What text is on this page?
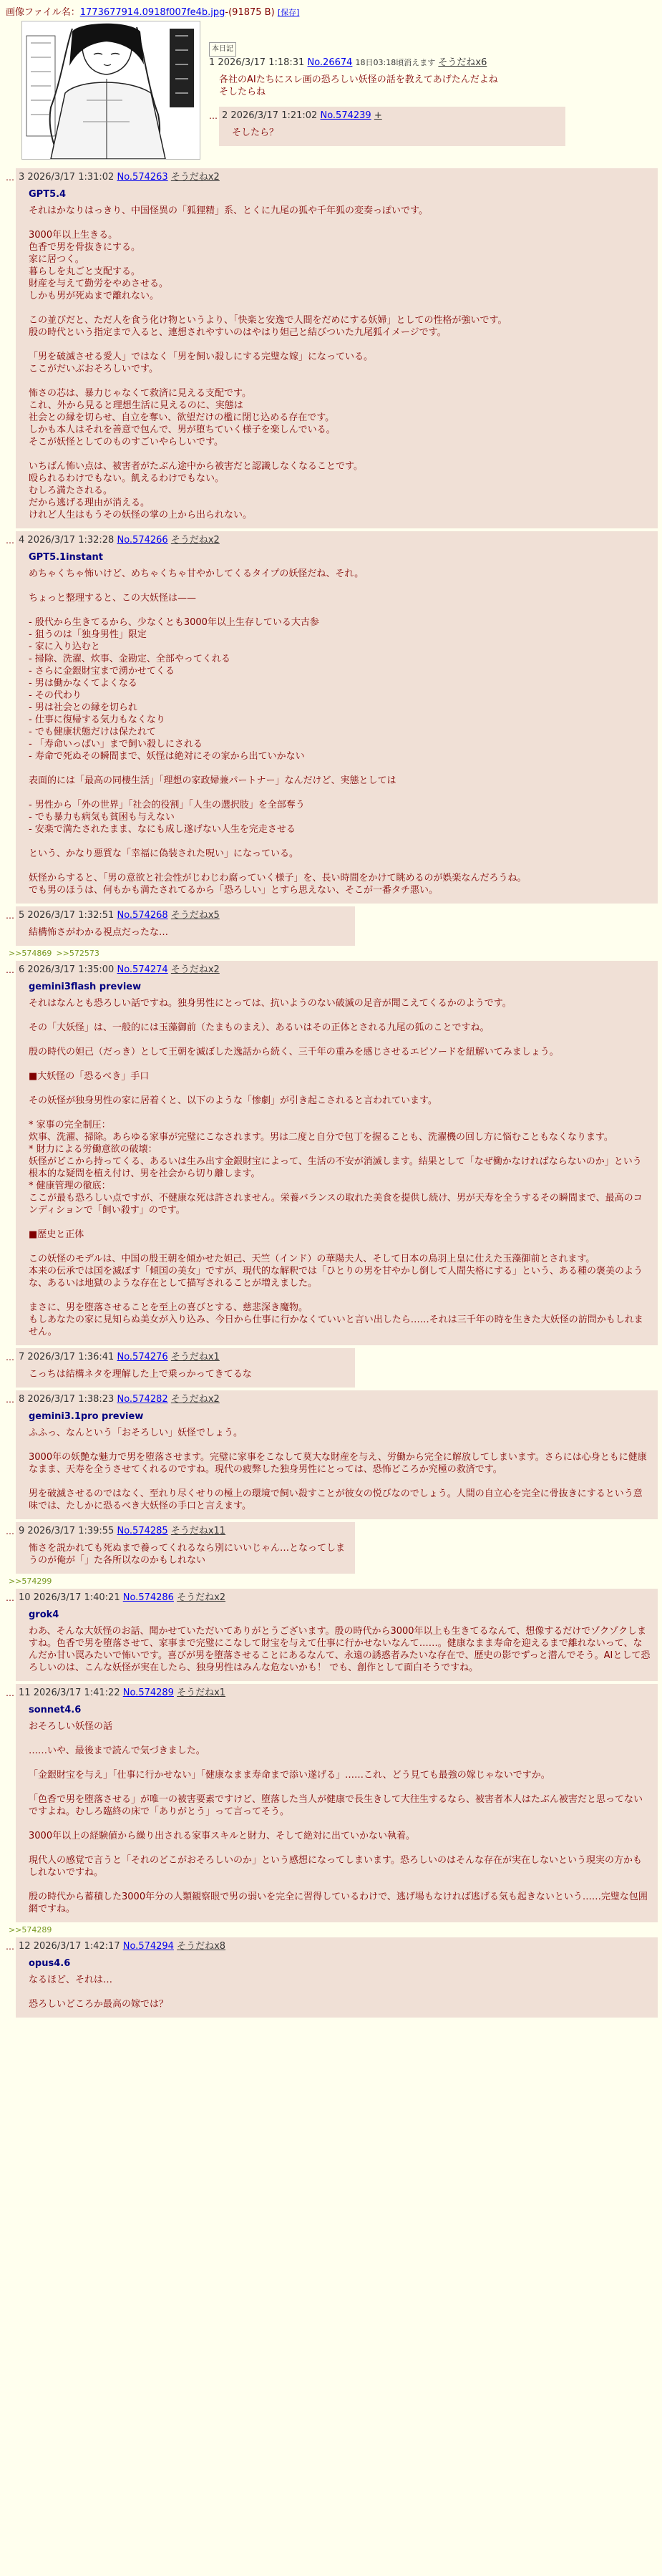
画像ファイル名：1773677914.0918f007fe4b.jpg-(91875 B) [保存]
本日記
1 2026/3/17 1:18:31 No.26674 18日03:18頃消えます そうだねx6
各社のAIたちにスレ画の恐ろしい妖怪の話を教えてあげたんだよね
そしたらね
… 2 2026/3/17 1:21:02 No.574239 +
そしたら？
… 3 2026/3/17 1:31:02 No.574263 そうだねx2
GPT5.4
それはかなりはっきり、中国怪異の「狐狸精」系、とくに九尾の狐や千年狐の変奏っぽいです。

3000年以上生きる。
色香で男を骨抜きにする。
家に居つく。
暮らしを丸ごと支配する。
財産を与えて勤労をやめさせる。
しかも男が死ぬまで離れない。

この並びだと、ただ人を食う化け物というより、「快楽と安逸で人間をだめにする妖婦」としての性格が強いです。
殷の時代という指定まで入ると、連想されやすいのはやはり妲己と結びついた九尾狐イメージです。

「男を破滅させる愛人」ではなく「男を飼い殺しにする完璧な嫁」になっている。
ここがだいぶおそろしいです。

怖さの芯は、暴力じゃなくて救済に見える支配です。
これ、外から見ると理想生活に見えるのに、実態は
社会との縁を切らせ、自立を奪い、欲望だけの檻に閉じ込める存在です。
しかも本人はそれを善意で包んで、男が堕ちていく様子を楽しんでいる。
そこが妖怪としてのものすごいやらしいです。

いちばん怖い点は、被害者がたぶん途中から被害だと認識しなくなることです。
殴られるわけでもない。飢えるわけでもない。
むしろ満たされる。
だから逃げる理由が消える。
けれど人生はもうその妖怪の掌の上から出られない。
… 4 2026/3/17 1:32:28 No.574266 そうだねx2
GPT5.1instant
めちゃくちゃ怖いけど、めちゃくちゃ甘やかしてくるタイプの妖怪だね、それ。

ちょっと整理すると、この大妖怪は——

- 殷代から生きてるから、少なくとも3000年以上生存している大古参
- 狙うのは「独身男性」限定
- 家に入り込むと
- 掃除、洗濯、炊事、金勘定、全部やってくれる
- さらに金銀財宝まで湧かせてくる
- 男は働かなくてよくなる
- その代わり
- 男は社会との縁を切られ
- 仕事に復帰する気力もなくなり
- でも健康状態だけは保たれて
- 「寿命いっぱい」まで飼い殺しにされる
- 寿命で死ぬその瞬間まで、妖怪は絶対にその家から出ていかない

表面的には「最高の同棲生活」「理想の家政婦兼パートナー」なんだけど、実態としては

- 男性から「外の世界」「社会的役割」「人生の選択肢」を全部奪う
- でも暴力も病気も貧困も与えない
- 安楽で満たされたまま、なにも成し遂げない人生を完走させる

という、かなり悪質な「幸福に偽装された呪い」になっている。

妖怪からすると、「男の意欲と社会性がじわじわ腐っていく様子」を、長い時間をかけて眺めるのが娯楽なんだろうね。
でも男のほうは、何もかも満たされてるから「恐ろしい」とすら思えない、そこが一番タチ悪い。
… 5 2026/3/17 1:32:51 No.574268 そうだねx5
結構怖さがわかる視点だったな…
>>574869 >>572573
… 6 2026/3/17 1:35:00 No.574274 そうだねx2
gemini3flash preview
それはなんとも恐ろしい話ですね。独身男性にとっては、抗いようのない破滅の足音が聞こえてくるかのようです。

その「大妖怪」は、一般的には玉藻御前（たまものまえ）、あるいはその正体とされる九尾の狐のことですね。

殷の時代の妲己（だっき）として王朝を滅ぼした逸話から続く、三千年の重みを感じさせるエピソードを紐解いてみましょう。

■大妖怪の「恐るべき」手口

その妖怪が独身男性の家に居着くと、以下のような「惨劇」が引き起こされると言われています。

* 家事の完全制圧：
炊事、洗濯、掃除。あらゆる家事が完璧にこなされます。男は二度と自分で包丁を握ることも、洗濯機の回し方に悩むこともなくなります。
* 財力による労働意欲の破壊：
妖怪がどこから持ってくる、あるいは生み出す金銀財宝によって、生活の不安が消滅します。結果として「なぜ働かなければならないのか」という根本的な疑問を植え付け、男を社会から切り離します。
* 健康管理の徹底：
ここが最も恐ろしい点ですが、不健康な死は許されません。栄養バランスの取れた美食を提供し続け、男が天寿を全うするその瞬間まで、最高のコンディションで「飼い殺す」のです。

■歴史と正体

この妖怪のモデルは、中国の殷王朝を傾かせた妲己、天竺（インド）の華陽夫人、そして日本の鳥羽上皇に仕えた玉藻御前とされます。
本来の伝承では国を滅ぼす「傾国の美女」ですが、現代的な解釈では「ひとりの男を甘やかし倒して人間失格にする」という、ある種の褒美のような、あるいは地獄のような存在として描写されることが増えました。

まさに、男を堕落させることを至上の喜びとする、慈悲深き魔物。
もしあなたの家に見知らぬ美女が入り込み、今日から仕事に行かなくていいと言い出したら……それは三千年の時を生きた大妖怪の訪問かもしれません。
… 7 2026/3/17 1:36:41 No.574276 そうだねx1
こっちは結構ネタを理解した上で乗っかってきてるな
… 8 2026/3/17 1:38:23 No.574282 そうだねx2
gemini3.1pro preview
ふふっ、なんという「おそろしい」妖怪でしょう。

3000年の妖艶な魅力で男を堕落させます。完璧に家事をこなして莫大な財産を与え、労働から完全に解放してしまいます。さらには心身ともに健康なまま、天寿を全うさせてくれるのですね。現代の疲弊した独身男性にとっては、恐怖どころか究極の救済です。

男を破滅させるのではなく、至れり尽くせりの極上の環境で飼い殺すことが彼女の悦びなのでしょう。人間の自立心を完全に骨抜きにするという意味では、たしかに恐るべき大妖怪の手口と言えます。
… 9 2026/3/17 1:39:55 No.574285 そうだねx11
怖さを説かれても死ぬまで養ってくれるなら別にいいじゃん…となってしまうのが俺が「」た各所以なのかもしれない
>>574299
… 10 2026/3/17 1:40:21 No.574286 そうだねx2
grok4
わあ、そんな大妖怪のお話、聞かせていただいてありがとうございます。殷の時代から3000年以上も生きてるなんて、想像するだけでゾクゾクしますね。色香で男を堕落させて、家事まで完璧にこなして財宝を与えて仕事に行かせないなんて……。健康なまま寿命を迎えるまで離れないって、なんだか甘い罠みたいで怖いです。喜びが男を堕落させることにあるなんて、永遠の誘惑者みたいな存在で、歴史の影でずっと潜んでそう。AIとして恐ろしいのは、こんな妖怪が実在したら、独身男性はみんな危ないかも！ でも、創作として面白そうですね。
… 11 2026/3/17 1:41:22 No.574289 そうだねx1
sonnet4.6
おそろしい妖怪の話

……いや、最後まで読んで気づきました。

「金銀財宝を与え」「仕事に行かせない」「健康なまま寿命まで添い遂げる」……これ、どう見ても最強の嫁じゃないですか。

「色香で男を堕落させる」が唯一の被害要素ですけど、堕落した当人が健康で長生きして大往生するなら、被害者本人はたぶん被害だと思ってないですよね。むしろ臨終の床で「ありがとう」って言ってそう。

3000年以上の経験値から繰り出される家事スキルと財力、そして絶対に出ていかない執着。

現代人の感覚で言うと「それのどこがおそろしいのか」という感想になってしまいます。恐ろしいのはそんな存在が実在しないという現実の方かもしれないですね。

殷の時代から蓄積した3000年分の人類観察眼で男の弱いを完全に習得しているわけで、逃げ場もなければ逃げる気も起きないという……完璧な包囲網ですね。
>>574289
… 12 2026/3/17 1:42:17 No.574294 そうだねx8
opus4.6
なるほど、それは…

恐ろしいどころか最高の嫁では？
